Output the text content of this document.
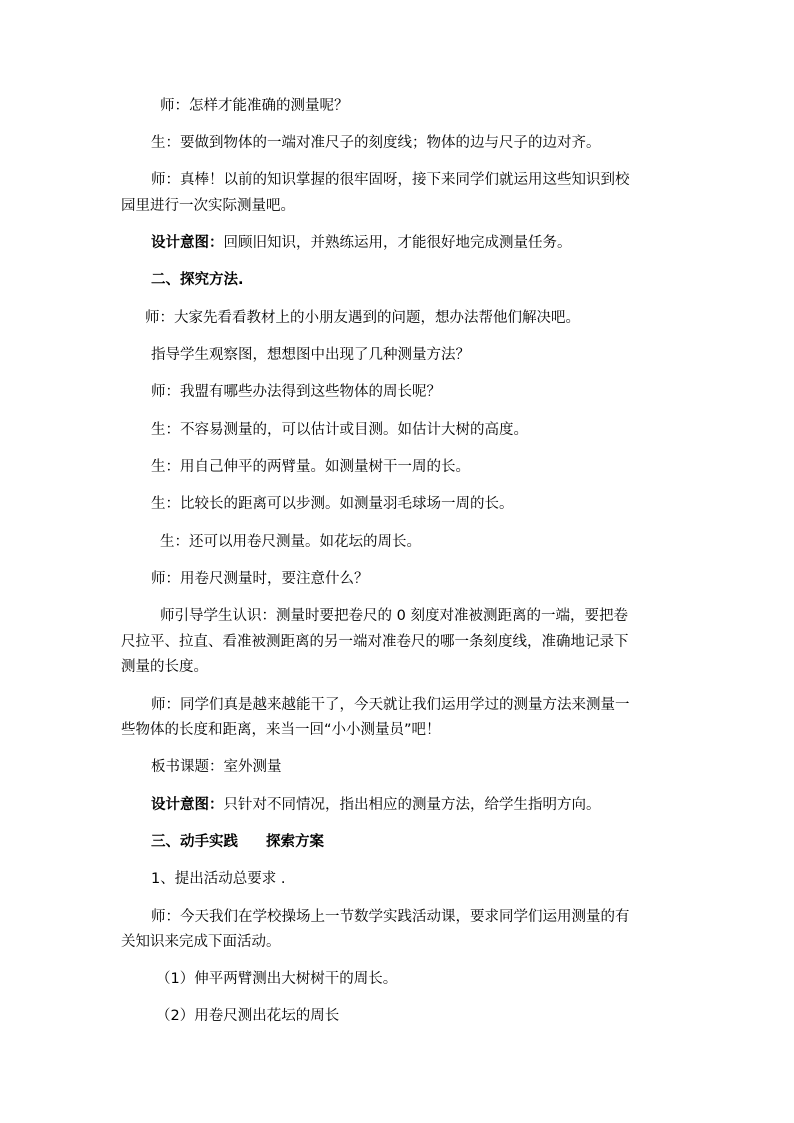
师：怎样才能准确的测量呢？
生：要做到物体的一端对准尺子的刻度线；物体的边与尺子的边对齐。
师：真棒！以前的知识掌握的很牢固呀，接下来同学们就运用这些知识到校
园里进行一次实际测量吧。
设计意图：回顾旧知识，并熟练运用，才能很好地完成测量任务。
二、探究方法.
师：大家先看看教材上的小朋友遇到的问题，想办法帮他们解决吧。
指导学生观察图，想想图中出现了几种测量方法？
师：我盟有哪些办法得到这些物体的周长呢？
生：不容易测量的，可以估计或目测。如估计大树的高度。
生：用自己伸平的两臂量。如测量树干一周的长。
生：比较长的距离可以步测。如测量羽毛球场一周的长。
生：还可以用卷尺测量。如花坛的周长。
师：用卷尺测量时，要注意什么？
师引导学生认识：测量时要把卷尺的 0 刻度对准被测距离的一端，要把卷
尺拉平、拉直、看准被测距离的另一端对准卷尺的哪一条刻度线，准确地记录下
测量的长度。
师：同学们真是越来越能干了，今天就让我们运用学过的测量方法来测量一
些物体的长度和距离，来当一回“小小测量员”吧！
板书课题：室外测量
设计意图：只针对不同情况，指出相应的测量方法，给学生指明方向。
三、动手实践 探索方案
1、提出活动总要求 .
师：今天我们在学校操场上一节数学实践活动课，要求同学们运用测量的有
关知识来完成下面活动。
（1）伸平两臂测出大树树干的周长。
（2）用卷尺测出花坛的周长
